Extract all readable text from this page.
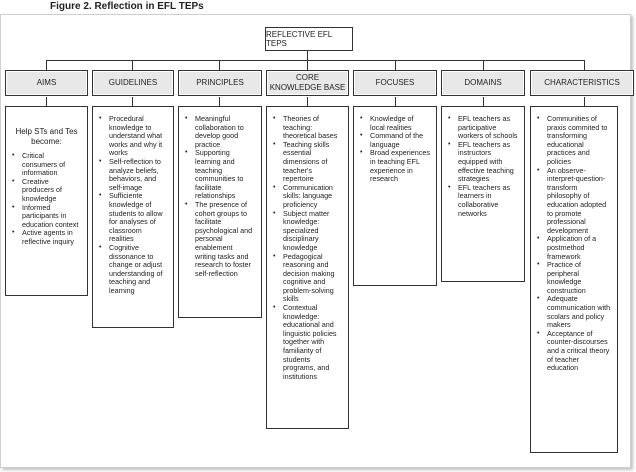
Figure 2. Reflection in EFL TEPs
REFLECTIVE EFL TEPS
AIMS	GUIDELINES	PRINCIPLES
CORE KNOWLEDGE BASE
FOCUSES	DOMAINS	CHARACTERISTICS
Help STs and Tes become:
• Critical consumers of information
• Creative producers of knowledge
• Informed participants in education context
• Active agents in reflective inquiry
• Procedural knowledge to understand what works and why it works
• Self-reflection to analyze beliefs, behaviors, and self-image
• Sufficiente knowledge of students to allow for analyses of classroom realities
• Cognitive dissonance to change or adjust understanding of teaching and learning
• Meaningful collaboration to develop good practice
• Supporting learning and teaching communities to facilitate relationships
• The presence of cohort groups to facilitate psychological and personal enablement writing tasks and research to foster self-reflection
• Theories of teaching: theoretical bases
• Teaching skills essential dimensions of teacher's repertoire
• Communication skills: language proficiency
• Subject matter knowledge: specialized disciplinary knowledge
• Pedagogical reasoning and decision making cognitive and problem-solving skills
• Contextual knowledge: educational and linguistic policies together with familiarity of students programs, and institutions
• Knowledge of local realities
• Command of the language
• Broad experiences in teaching EFL experience in research
• EFL teachers as participative workers of schools
• EFL teachers as instructors equipped with effective teaching strategies
• EFL teachers as learners in collaborative networks
• Communities of praxis commited to transforming educational practices and policies
• An observe-interpret-question-transform philosophy of education adopted to promote professional development
• Application of a postmethod framework
• Practice of peripheral knowledge construction
• Adequate communication with scolars and policy makers
• Acceptance of counter-discourses and a critical theory of teacher education
